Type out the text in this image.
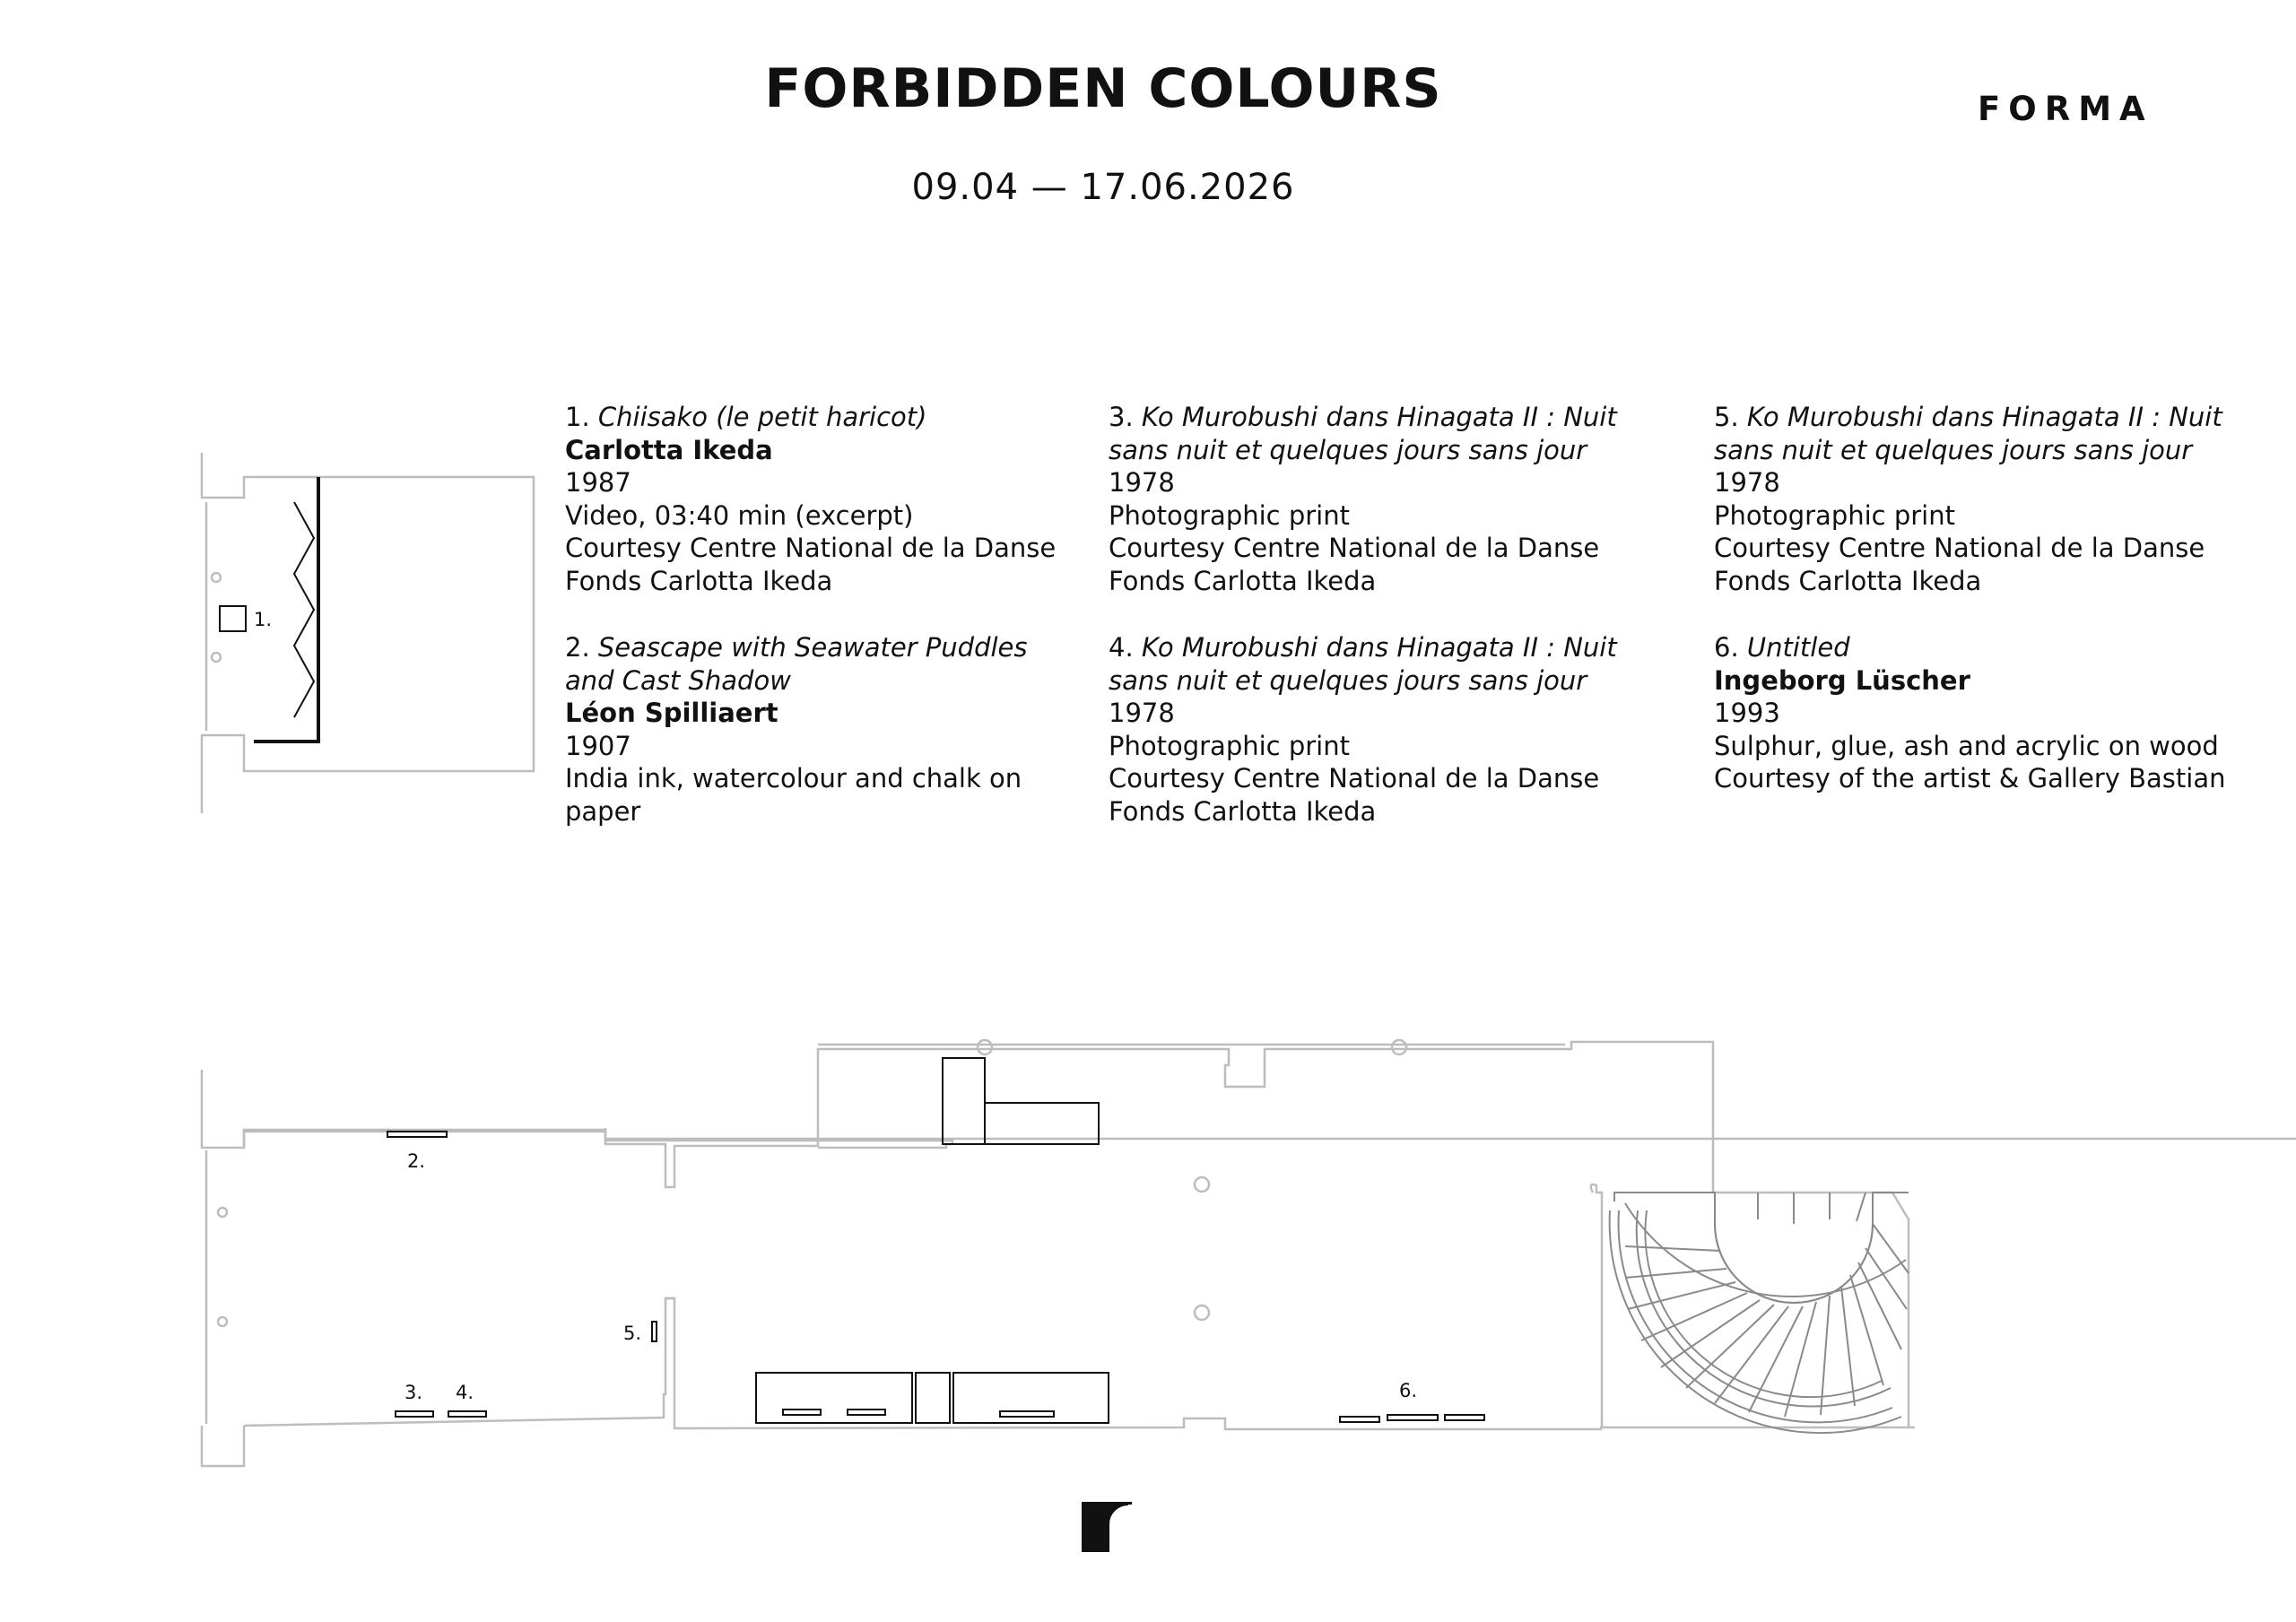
FORBIDDEN COLOURS
09.04 — 17.06.2026
FORMA
1. Chiisako (le petit haricot)
Carlotta Ikeda
1987
Video, 03:40 min (excerpt)
Courtesy Centre National de la Danse
Fonds Carlotta Ikeda
2. Seascape with Seawater Puddles and Cast Shadow
Léon Spilliaert
1907
India ink, watercolour and chalk on paper
3. Ko Murobushi dans Hinagata II : Nuit sans nuit et quelques jours sans jour
1978
Photographic print
Courtesy Centre National de la Danse
Fonds Carlotta Ikeda
4. Ko Murobushi dans Hinagata II : Nuit sans nuit et quelques jours sans jour
1978
Photographic print
Courtesy Centre National de la Danse
Fonds Carlotta Ikeda
5. Ko Murobushi dans Hinagata II : Nuit sans nuit et quelques jours sans jour
1978
Photographic print
Courtesy Centre National de la Danse
Fonds Carlotta Ikeda
6. Untitled
Ingeborg Lüscher
1993
Sulphur, glue, ash and acrylic on wood
Courtesy of the artist & Gallery Bastian
1.
2.
3. 4.
5.
6.
